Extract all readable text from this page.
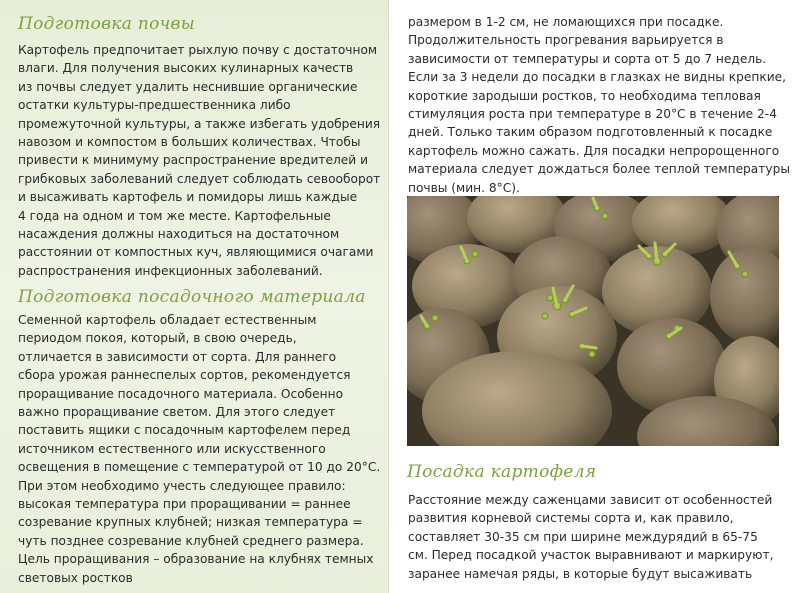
Подготовка почвы

Картофель предпочитает рыхлую почву с достаточном
влаги. Для получения высоких кулинарных качеств
из почвы следует удалить неснившие органические
остатки культуры-предшественника либо
промежуточной культуры, а также избегать удобрения
навозом и компостом в больших количествах. Чтобы
привести к минимуму распространение вредителей и
грибковых заболеваний следует соблюдать севооборот
и высаживать картофель и помидоры лишь каждые
4 года на одном и том же месте. Картофельные
насаждения должны находиться на достаточном
расстоянии от компостных куч, являющимися очагами
распространения инфекционных заболеваний.

Подготовка посадочного материала

Семенной картофель обладает естественным
периодом покоя, который, в свою очередь,
отличается в зависимости от сорта. Для раннего
сбора урожая раннеспелых сортов, рекомендуется
проращивание посадочного материала. Особенно
важно проращивание светом. Для этого следует
поставить ящики с посадочным картофелем перед
источником естественного или искусственного
освещения в помещение с температурой от 10 до 20°С.
При этом необходимо учесть следующее правило:
высокая температура при проращивании = раннее
созревание крупных клубней; низкая температура =
чуть позднее созревание клубней среднего размера.
Цель проращивания – образование на клубнях темных
световых ростков

размером в 1-2 см, не ломающихся при посадке.
Продолжительность прогревания варьируется в
зависимости от температуры и сорта от 5 до 7 недель.
Если за 3 недели до посадки в глазках не видны крепкие,
короткие зародыши ростков, то необходима тепловая
стимуляция роста при температуре в 20°С в течение 2-4
дней. Только таким образом подготовленный к посадке
картофель можно сажать. Для посадки непророщенного
материала следует дождаться более теплой температуры
почвы (мин. 8°С).

Посадка картофеля

Расстояние между саженцами зависит от особенностей
развития корневой системы сорта и, как правило,
составляет 30-35 см при ширине междурядий в 65-75
см. Перед посадкой участок выравнивают и маркируют,
заранее намечая ряды, в которые будут высаживать
